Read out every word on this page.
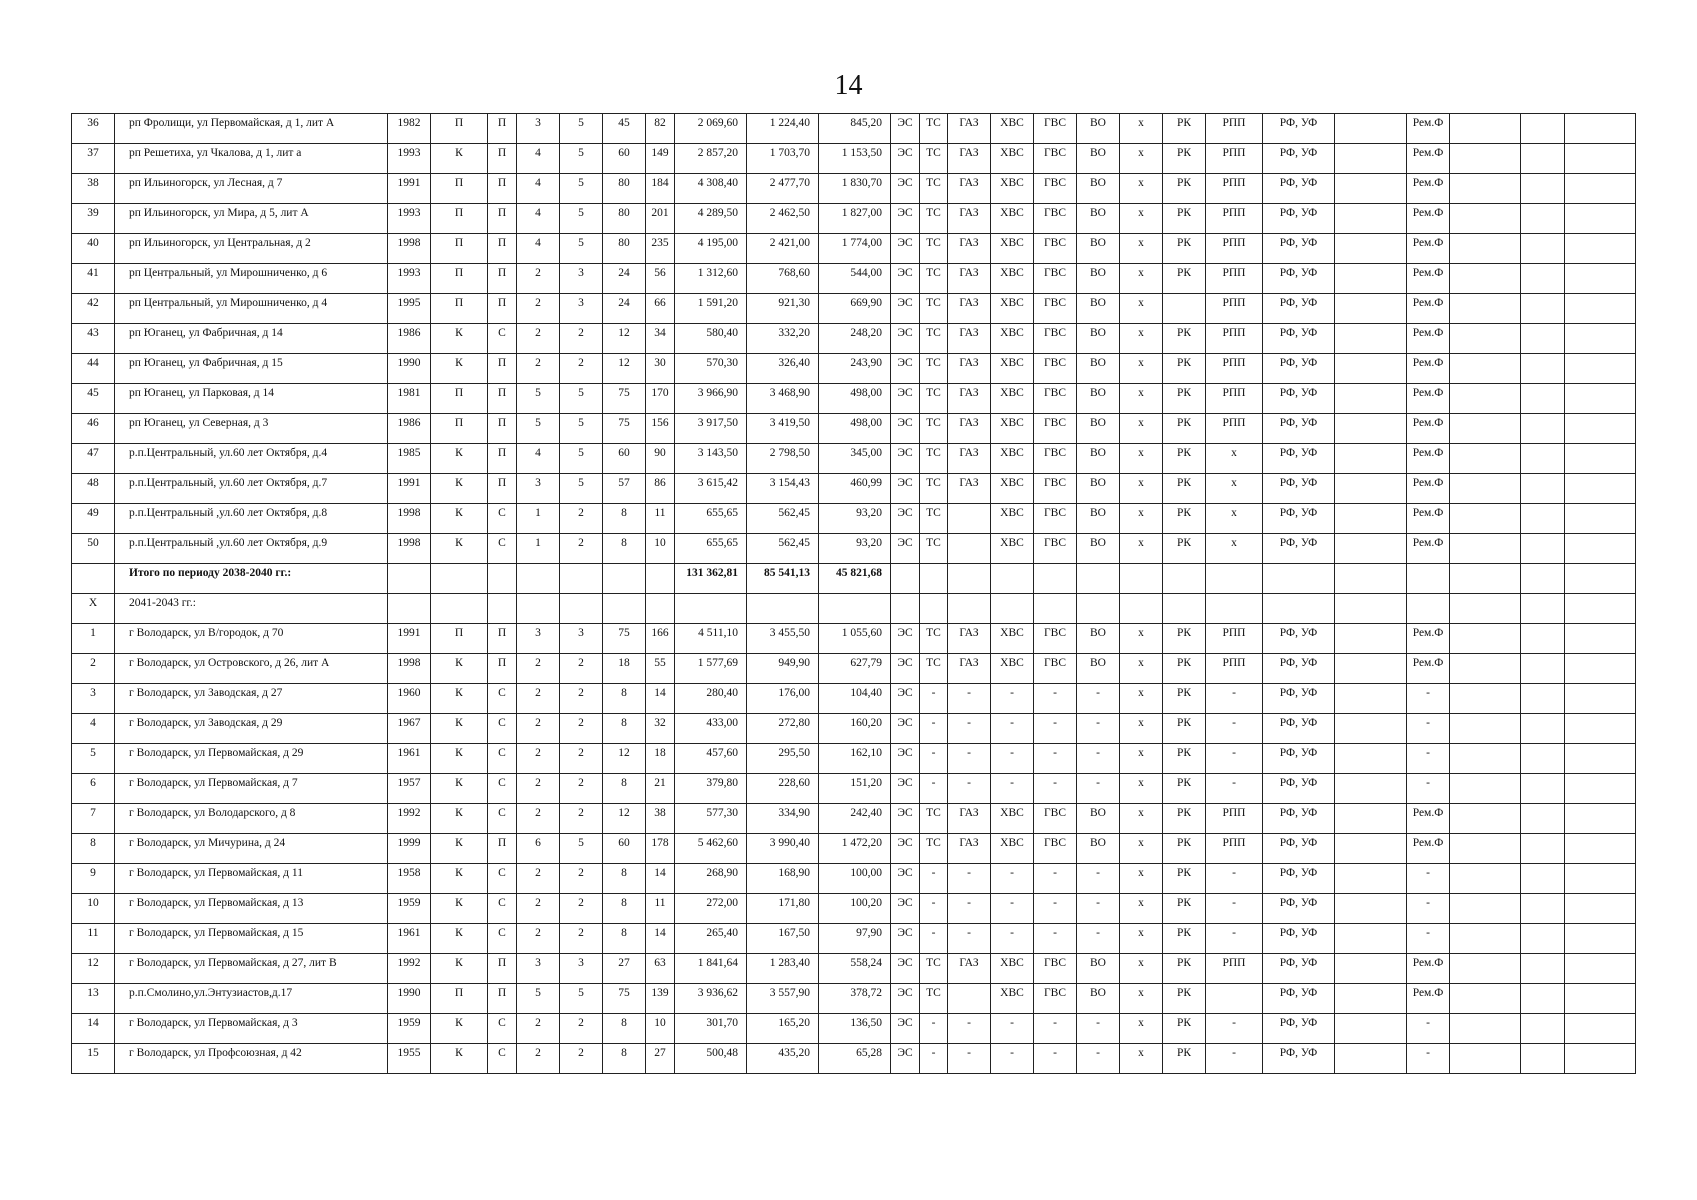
14
36	рп Фролищи, ул Первомайская, д 1, лит А	1982	П	П	3	5	45	82	2 069,60	1 224,40	845,20	ЭС	ТС	ГАЗ	ХВС	ГВС	ВО	х	РК	РПП	РФ, УФ		Рем.Ф			
37	рп Решетиха, ул Чкалова, д 1, лит а	1993	К	П	4	5	60	149	2 857,20	1 703,70	1 153,50	ЭС	ТС	ГАЗ	ХВС	ГВС	ВО	х	РК	РПП	РФ, УФ		Рем.Ф			
38	рп Ильиногорск, ул Лесная, д 7	1991	П	П	4	5	80	184	4 308,40	2 477,70	1 830,70	ЭС	ТС	ГАЗ	ХВС	ГВС	ВО	х	РК	РПП	РФ, УФ		Рем.Ф			
39	рп Ильиногорск, ул Мира, д 5, лит А	1993	П	П	4	5	80	201	4 289,50	2 462,50	1 827,00	ЭС	ТС	ГАЗ	ХВС	ГВС	ВО	х	РК	РПП	РФ, УФ		Рем.Ф			
40	рп Ильиногорск, ул Центральная, д 2	1998	П	П	4	5	80	235	4 195,00	2 421,00	1 774,00	ЭС	ТС	ГАЗ	ХВС	ГВС	ВО	х	РК	РПП	РФ, УФ		Рем.Ф			
41	рп Центральный, ул Мирошниченко, д 6	1993	П	П	2	3	24	56	1 312,60	768,60	544,00	ЭС	ТС	ГАЗ	ХВС	ГВС	ВО	х	РК	РПП	РФ, УФ		Рем.Ф			
42	рп Центральный, ул Мирошниченко, д 4	1995	П	П	2	3	24	66	1 591,20	921,30	669,90	ЭС	ТС	ГАЗ	ХВС	ГВС	ВО	х		РПП	РФ, УФ		Рем.Ф			
43	рп Юганец, ул Фабричная, д 14	1986	К	С	2	2	12	34	580,40	332,20	248,20	ЭС	ТС	ГАЗ	ХВС	ГВС	ВО	х	РК	РПП	РФ, УФ		Рем.Ф			
44	рп Юганец, ул Фабричная, д 15	1990	К	П	2	2	12	30	570,30	326,40	243,90	ЭС	ТС	ГАЗ	ХВС	ГВС	ВО	х	РК	РПП	РФ, УФ		Рем.Ф			
45	рп Юганец, ул Парковая, д 14	1981	П	П	5	5	75	170	3 966,90	3 468,90	498,00	ЭС	ТС	ГАЗ	ХВС	ГВС	ВО	х	РК	РПП	РФ, УФ		Рем.Ф			
46	рп Юганец, ул Северная, д 3	1986	П	П	5	5	75	156	3 917,50	3 419,50	498,00	ЭС	ТС	ГАЗ	ХВС	ГВС	ВО	х	РК	РПП	РФ, УФ		Рем.Ф			
47	р.п.Центральный, ул.60 лет Октября, д.4	1985	К	П	4	5	60	90	3 143,50	2 798,50	345,00	ЭС	ТС	ГАЗ	ХВС	ГВС	ВО	х	РК	х	РФ, УФ		Рем.Ф			
48	р.п.Центральный, ул.60 лет Октября, д.7	1991	К	П	3	5	57	86	3 615,42	3 154,43	460,99	ЭС	ТС	ГАЗ	ХВС	ГВС	ВО	х	РК	х	РФ, УФ		Рем.Ф			
49	р.п.Центральный ,ул.60 лет Октября, д.8	1998	К	С	1	2	8	11	655,65	562,45	93,20	ЭС	ТС		ХВС	ГВС	ВО	х	РК	х	РФ, УФ		Рем.Ф			
50	р.п.Центральный ,ул.60 лет Октября, д.9	1998	К	С	1	2	8	10	655,65	562,45	93,20	ЭС	ТС		ХВС	ГВС	ВО	х	РК	х	РФ, УФ		Рем.Ф			
	Итого по периоду 2038-2040 гг.:								131 362,81	85 541,13	45 821,68															
X	2041-2043 гг.:																									
1	г Володарск, ул В/городок, д 70	1991	П	П	3	3	75	166	4 511,10	3 455,50	1 055,60	ЭС	ТС	ГАЗ	ХВС	ГВС	ВО	х	РК	РПП	РФ, УФ		Рем.Ф			
2	г Володарск, ул Островского, д 26, лит А	1998	К	П	2	2	18	55	1 577,69	949,90	627,79	ЭС	ТС	ГАЗ	ХВС	ГВС	ВО	х	РК	РПП	РФ, УФ		Рем.Ф			
3	г Володарск, ул Заводская, д 27	1960	К	С	2	2	8	14	280,40	176,00	104,40	ЭС	-	-	-	-	-	х	РК	-	РФ, УФ		-			
4	г Володарск, ул Заводская, д 29	1967	К	С	2	2	8	32	433,00	272,80	160,20	ЭС	-	-	-	-	-	х	РК	-	РФ, УФ		-			
5	г Володарск, ул Первомайская, д 29	1961	К	С	2	2	12	18	457,60	295,50	162,10	ЭС	-	-	-	-	-	х	РК	-	РФ, УФ		-			
6	г Володарск, ул Первомайская, д 7	1957	К	С	2	2	8	21	379,80	228,60	151,20	ЭС	-	-	-	-	-	х	РК	-	РФ, УФ		-			
7	г Володарск, ул Володарского, д 8	1992	К	С	2	2	12	38	577,30	334,90	242,40	ЭС	ТС	ГАЗ	ХВС	ГВС	ВО	х	РК	РПП	РФ, УФ		Рем.Ф			
8	г Володарск, ул Мичурина, д 24	1999	К	П	6	5	60	178	5 462,60	3 990,40	1 472,20	ЭС	ТС	ГАЗ	ХВС	ГВС	ВО	х	РК	РПП	РФ, УФ		Рем.Ф			
9	г Володарск, ул Первомайская, д 11	1958	К	С	2	2	8	14	268,90	168,90	100,00	ЭС	-	-	-	-	-	х	РК	-	РФ, УФ		-			
10	г Володарск, ул Первомайская, д 13	1959	К	С	2	2	8	11	272,00	171,80	100,20	ЭС	-	-	-	-	-	х	РК	-	РФ, УФ		-			
11	г Володарск, ул Первомайская, д 15	1961	К	С	2	2	8	14	265,40	167,50	97,90	ЭС	-	-	-	-	-	х	РК	-	РФ, УФ		-			
12	г Володарск, ул Первомайская, д 27, лит В	1992	К	П	3	3	27	63	1 841,64	1 283,40	558,24	ЭС	ТС	ГАЗ	ХВС	ГВС	ВО	х	РК	РПП	РФ, УФ		Рем.Ф			
13	р.п.Смолино,ул.Энтузиастов,д.17	1990	П	П	5	5	75	139	3 936,62	3 557,90	378,72	ЭС	ТС		ХВС	ГВС	ВО	х	РК		РФ, УФ		Рем.Ф			
14	г Володарск, ул Первомайская, д 3	1959	К	С	2	2	8	10	301,70	165,20	136,50	ЭС	-	-	-	-	-	х	РК	-	РФ, УФ		-			
15	г Володарск, ул Профсоюзная, д 42	1955	К	С	2	2	8	27	500,48	435,20	65,28	ЭС	-	-	-	-	-	х	РК	-	РФ, УФ		-			
